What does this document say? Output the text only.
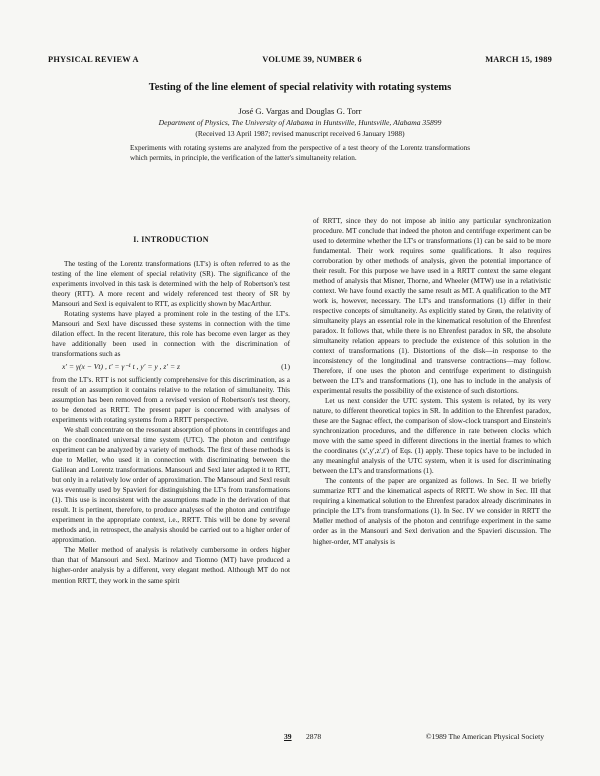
PHYSICAL REVIEW A	VOLUME 39, NUMBER 6	MARCH 15, 1989
Testing of the line element of special relativity with rotating systems
José G. Vargas and Douglas G. Torr
Department of Physics, The University of Alabama in Huntsville, Huntsville, Alabama 35899
(Received 13 April 1987; revised manuscript received 6 January 1988)
Experiments with rotating systems are analyzed from the perspective of a test theory of the Lorentz transformations which permits, in principle, the verification of the latter's simultaneity relation.
I. INTRODUCTION

The testing of the Lorentz transformations (LT's) is often referred to as the testing of the line element of special relativity (SR). The significance of the experiments involved in this task is determined with the help of Robertson's test theory (RTT). A more recent and widely referenced test theory of SR by Mansouri and Sexl is equivalent to RTT, as explicitly shown by MacArthur.

Rotating systems have played a prominent role in the testing of the LT's. Mansouri and Sexl have discussed these systems in connection with the time dilation effect. In the recent literature, this role has become even larger as they have additionally been used in connection with the discrimination of transformations such as

x′ = γ(x − Vt) , t′ = γ⁻¹ t , y′ = y , z′ = z	(1)

from the LT's. RTT is not sufficiently comprehensive for this discrimination, as a result of an assumption it contains relative to the relation of simultaneity. This assumption has been removed from a revised version of Robertson's test theory, to be denoted as RRTT. The present paper is concerned with analyses of experiments with rotating systems from a RRTT perspective.

We shall concentrate on the resonant absorption of photons in centrifuges and on the coordinated universal time system (UTC). The photon and centrifuge experiment can be analyzed by a variety of methods. The first of these methods is due to Møller, who used it in connection with discriminating between the Galilean and Lorentz transformations. Mansouri and Sexl later adapted it to RTT, but only in a relatively low order of approximation. The Mansouri and Sexl result was eventually used by Spavieri for distinguishing the LT's from transformations (1). This use is inconsistent with the assumptions made in the derivation of that result. It is pertinent, therefore, to produce analyses of the photon and centrifuge experiment in the appropriate context, i.e., RRTT. This will be done by several methods and, in retrospect, the analysis should be carried out to a higher order of approximation.

The Møller method of analysis is relatively cumbersome in orders higher than that of Mansouri and Sexl. Marinov and Tiomno (MT) have produced a higher-order analysis by a different, very elegant method. Although MT do not mention RRTT, they work in the same spirit

of RRTT, since they do not impose ab initio any particular synchronization procedure. MT conclude that indeed the photon and centrifuge experiment can be used to determine whether the LT's or transformations (1) can be said to be more fundamental. Their work requires some qualifications. It also requires corroboration by other methods of analysis, given the potential importance of their result. For this purpose we have used in a RRTT context the same elegant method of analysis that Misner, Thorne, and Wheeler (MTW) use in a relativistic context. We have found exactly the same result as MT. A qualification to the MT work is, however, necessary. The LT's and transformations (1) differ in their respective concepts of simultaneity. As explicitly stated by Grøn, the relativity of simultaneity plays an essential role in the kinematical resolution of the Ehrenfest paradox. It follows that, while there is no Ehrenfest paradox in SR, the absolute simultaneity relation appears to preclude the existence of this solution in the context of transformations (1). Distortions of the disk—in response to the inconsistency of the longitudinal and transverse contractions—may follow. Therefore, if one uses the photon and centrifuge experiment to distinguish between the LT's and transformations (1), one has to include in the analysis of experimental results the possibility of the existence of such distortions.

Let us next consider the UTC system. This system is related, by its very nature, to different theoretical topics in SR. In addition to the Ehrenfest paradox, these are the Sagnac effect, the comparison of slow-clock transport and Einstein's synchronization procedures, and the difference in rate between clocks which move with the same speed in different directions in the inertial frames to which the coordinates (x′,y′,z′,t′) of Eqs. (1) apply. These topics have to be included in any meaningful analysis of the UTC system, when it is used for discriminating between the LT's and transformations (1).

The contents of the paper are organized as follows. In Sec. II we briefly summarize RTT and the kinematical aspects of RRTT. We show in Sec. III that requiring a kinematical solution to the Ehrenfest paradox already discriminates in principle the LT's from transformations (1). In Sec. IV we consider in RRTT the Møller method of analysis of the photon and centrifuge experiment in the same order as in the Mansouri and Sexl derivation and the Spavieri discussion. The higher-order, MT analysis is

39 2878	©1989 The American Physical Society
